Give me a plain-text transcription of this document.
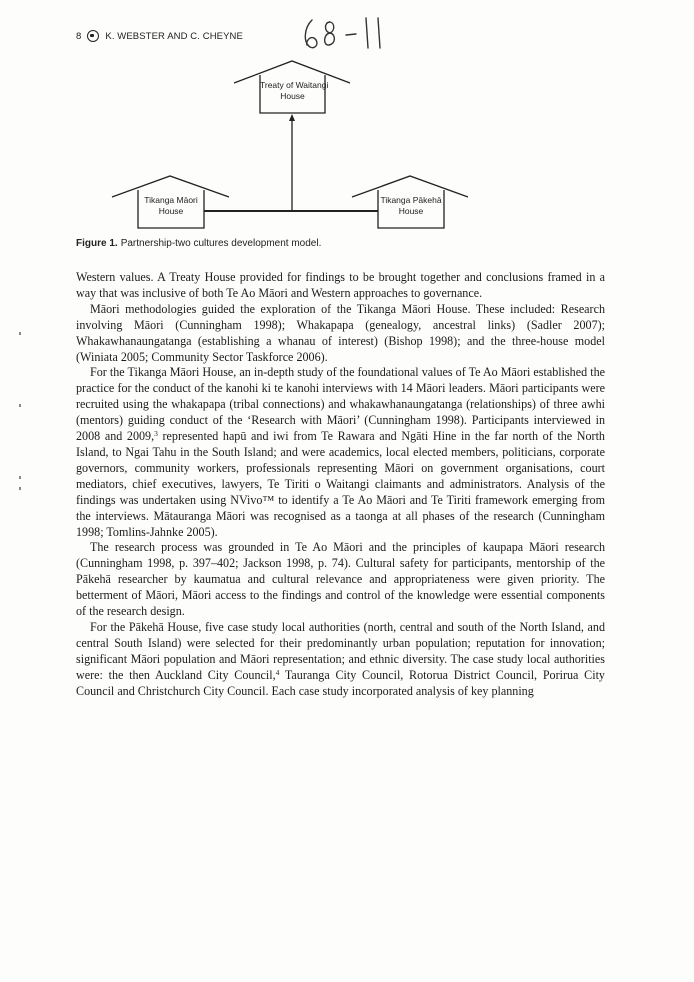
8	K. WEBSTER AND C. CHEYNE
Treaty of Waitangi
House
Tikanga Māori
House
Tikanga Pākehā
House
Figure 1. Partnership-two cultures development model.

Western values. A Treaty House provided for findings to be brought together and conclusions framed in a way that was inclusive of both Te Ao Māori and Western approaches to governance.

Māori methodologies guided the exploration of the Tikanga Māori House. These included: Research involving Māori (Cunningham 1998); Whakapapa (genealogy, ancestral links) (Sadler 2007); Whakawhanaungatanga (establishing a whanau of interest) (Bishop 1998); and the three-house model (Winiata 2005; Community Sector Taskforce 2006).

For the Tikanga Māori House, an in-depth study of the foundational values of Te Ao Māori established the practice for the conduct of the kanohi ki te kanohi interviews with 14 Māori leaders. Māori participants were recruited using the whakapapa (tribal connections) and whakawhanaungatanga (relationships) of three awhi (mentors) guiding conduct of the ‘Research with Māori’ (Cunningham 1998). Participants interviewed in 2008 and 2009,$^3$ represented hapū and iwi from Te Rawara and Ngāti Hine in the far north of the North Island, to Ngai Tahu in the South Island; and were academics, local elected members, politicians, corporate governors, community workers, professionals representing Māori on government organisations, court mediators, chief executives, lawyers, Te Tiriti o Waitangi claimants and administrators. Analysis of the findings was undertaken using NVivo™ to identify a Te Ao Māori and Te Tiriti framework emerging from the interviews. Mātauranga Māori was recognised as a taonga at all phases of the research (Cunningham 1998; Tomlins-Jahnke 2005).

The research process was grounded in Te Ao Māori and the principles of kaupapa Māori research (Cunningham 1998, p. 397–402; Jackson 1998, p. 74). Cultural safety for participants, mentorship of the Pākehā researcher by kaumatua and cultural relevance and appropriateness were given priority. The betterment of Māori, Māori access to the findings and control of the knowledge were essential components of the research design.

For the Pākehā House, five case study local authorities (north, central and south of the North Island, and central South Island) were selected for their predominantly urban population; reputation for innovation; significant Māori population and Māori representation; and ethnic diversity. The case study local authorities were: the then Auckland City Council,$^4$ Tauranga City Council, Rotorua District Council, Porirua City Council and Christchurch City Council. Each case study incorporated analysis of key planning
